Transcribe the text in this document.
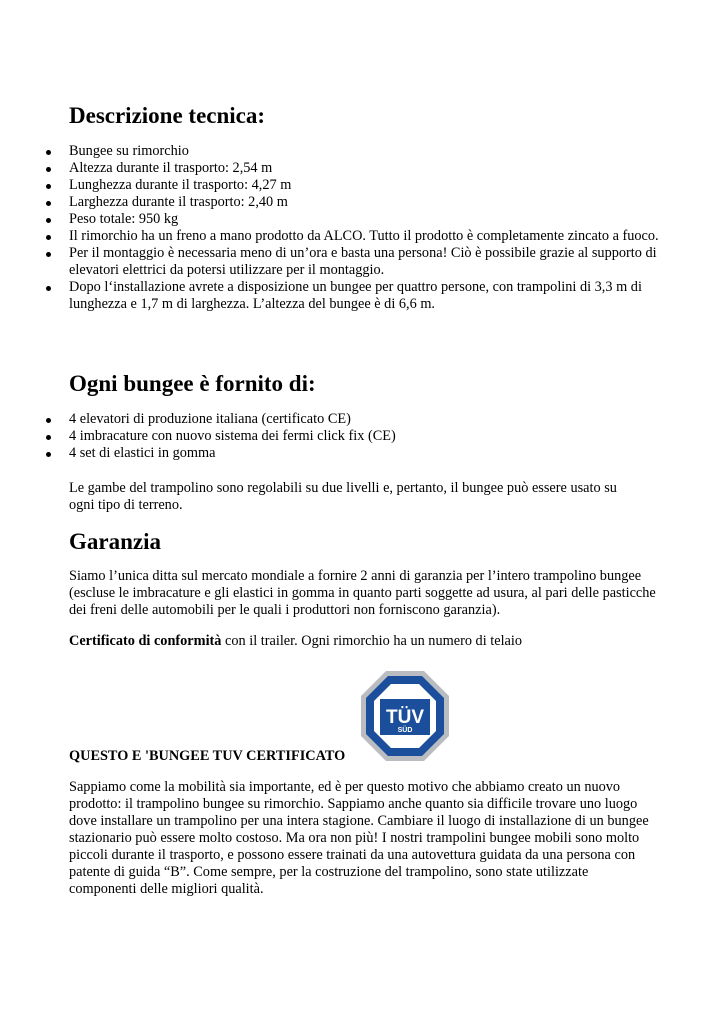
Descrizione tecnica:
Bungee su rimorchio
Altezza durante il trasporto: 2,54 m
Lunghezza durante il trasporto: 4,27 m
Larghezza durante il trasporto: 2,40 m
Peso totale: 950 kg
Il rimorchio ha un freno a mano prodotto da ALCO. Tutto il prodotto è completamente zincato a fuoco.
Per il montaggio è necessaria meno di un’ora e basta una persona! Ciò è possibile grazie al supporto di elevatori elettrici da potersi utilizzare per il montaggio.
Dopo l‘installazione avrete a disposizione un bungee per quattro persone, con trampolini di 3,3 m di lunghezza e 1,7 m di larghezza. L’altezza del bungee è di 6,6 m.
Ogni bungee è fornito di:
4 elevatori di produzione italiana (certificato CE)
4 imbracature con nuovo sistema dei fermi click fix (CE)
4 set di elastici in gomma

Le gambe del trampolino sono regolabili su due livelli e, pertanto, il bungee può essere usato su ogni tipo di terreno.

Garanzia

Siamo l’unica ditta sul mercato mondiale a fornire 2 anni di garanzia per l’intero trampolino bungee (escluse le imbracature e gli elastici in gomma in quanto parti soggette ad usura, al pari delle pasticche dei freni delle automobili per le quali i produttori non forniscono garanzia).

Certificato di conformità con il trailer. Ogni rimorchio ha un numero di telaio

TÜV
SÜD

QUESTO E 'BUNGEE TUV CERTIFICATO

Sappiamo come la mobilità sia importante, ed è per questo motivo che abbiamo creato un nuovo prodotto: il trampolino bungee su rimorchio. Sappiamo anche quanto sia difficile trovare uno luogo dove installare un trampolino per una intera stagione. Cambiare il luogo di installazione di un bungee stazionario può essere molto costoso. Ma ora non più! I nostri trampolini bungee mobili sono molto piccoli durante il trasporto, e possono essere trainati da una autovettura guidata da una persona con patente di guida “B”. Come sempre, per la costruzione del trampolino, sono state utilizzate componenti delle migliori qualità.
